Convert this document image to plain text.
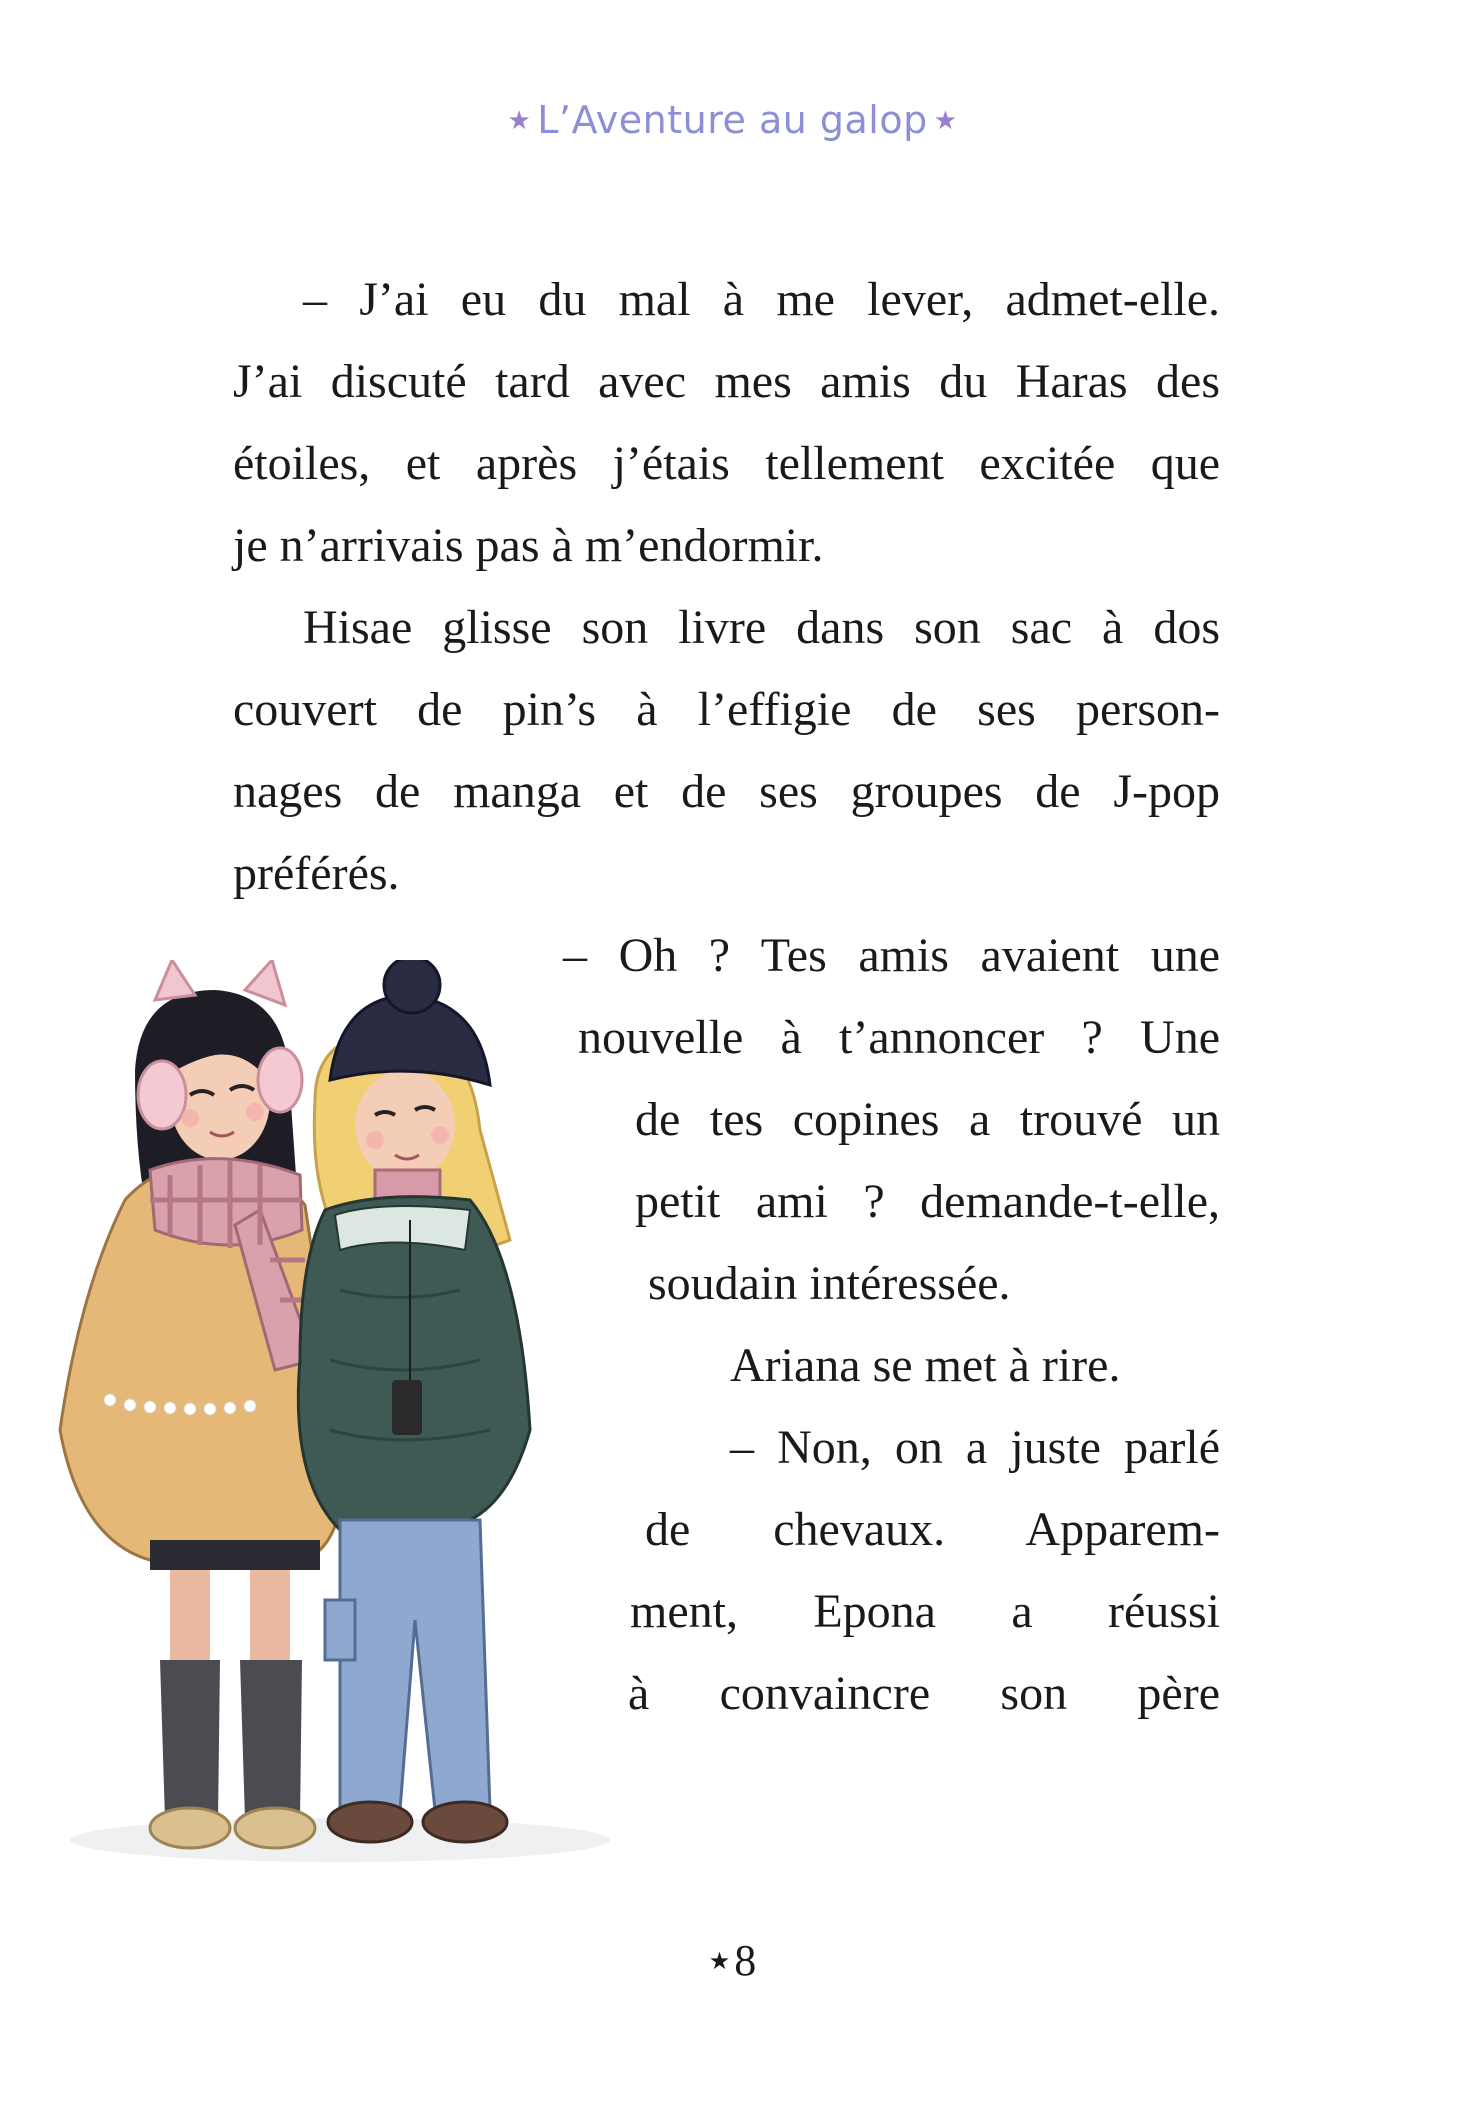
★ L’Aventure au galop ★
– J’ai eu du mal à me lever, admet-elle.
J’ai discuté tard avec mes amis du Haras des
étoiles, et après j’étais tellement excitée que
je n’arrivais pas à m’endormir.
Hisae glisse son livre dans son sac à dos
couvert de pin’s à l’effigie de ses person-
nages de manga et de ses groupes de J-pop
préférés.
– Oh ? Tes amis avaient une
nouvelle à t’annoncer ? Une
de tes copines a trouvé un
petit ami ? demande-t-elle,
soudain intéressée.
Ariana se met à rire.
– Non, on a juste parlé
de chevaux. Apparem-
ment, Epona a réussi
à convaincre son père
★8
